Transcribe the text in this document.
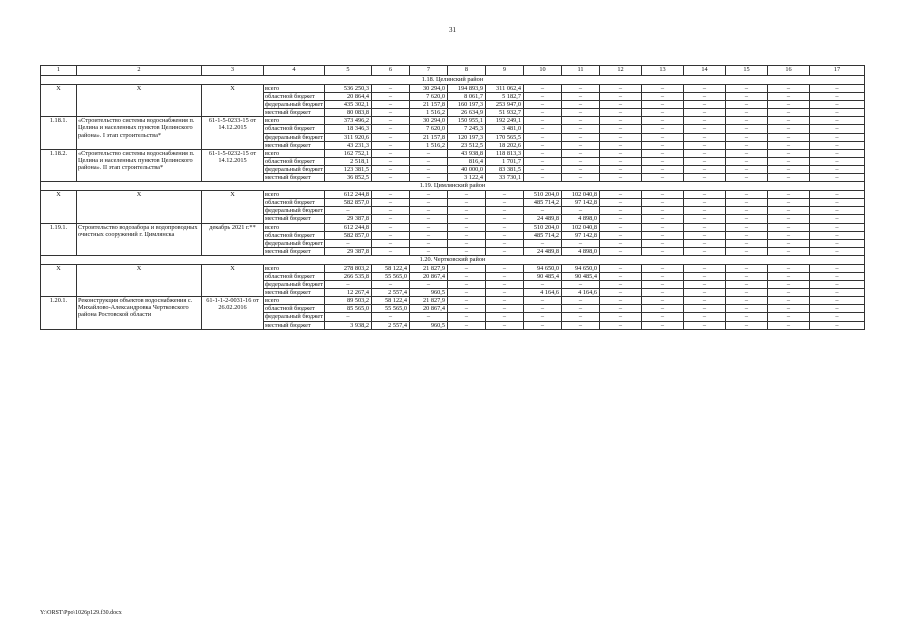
31
1	2	3	4	5	6	7	8	9	10	11	12	13	14	15	16	17
1.18. Целинский район																
X	X	X	всего	536 250,3	–	30 294,0	194 893,9	311 062,4	–	–	–	–	–	–	–	–
			областной бюджет	20 864,4	–	7 620,0	8 061,7	5 182,7	–	–	–	–	–	–	–	–
			федеральный бюджет	435 302,1	–	21 157,8	160 197,3	253 947,0	–	–	–	–	–	–	–	–
			местный бюджет	80 083,8	–	1 516,2	26 634,9	51 932,7	–	–	–	–	–	–	–	–
1.18.1.	«Строительство системы водоснабжения п. Целина и населенных пунктов Целинского района». I этап строительства*	61-1-5-0233-15 от 14.12.2015	всего	373 496,2	–	30 294,0	150 955,1	192 249,1	–	–	–	–	–	–	–	–
			областной бюджет	18 346,3	–	7 620,0	7 245,3	3 481,0	–	–	–	–	–	–	–	–
			федеральный бюджет	311 920,6	–	21 157,8	120 197,3	170 565,5	–	–	–	–	–	–	–	–
			местный бюджет	43 231,3	–	1 516,2	23 512,5	18 202,6	–	–	–	–	–	–	–	–
1.18.2.	«Строительство системы водоснабжения п. Целина и населенных пунктов Целинского района». II этап строительства*	61-1-5-0232-15 от 14.12.2015	всего	162 752,1	–	–	43 938,8	118 813,3	–	–	–	–	–	–	–	–
			областной бюджет	2 518,1	–	–	816,4	1 701,7	–	–	–	–	–	–	–	–
			федеральный бюджет	123 381,5	–	–	40 000,0	83 381,5	–	–	–	–	–	–	–	–
			местный бюджет	36 852,5	–	–	3 122,4	33 730,1	–	–	–	–	–	–	–	–
1.19. Цимлянский район																
X	X	X	всего	612 244,8	–	–	–	–	510 204,0	102 040,8	–	–	–	–	–	–
			областной бюджет	582 857,0	–	–	–	–	485 714,2	97 142,8	–	–	–	–	–	–
			федеральный бюджет	–	–	–	–	–	–	–	–	–	–	–	–	–
			местный бюджет	29 387,8	–	–	–	–	24 489,8	4 898,0	–	–	–	–	–	–
1.19.1.	Строительство водозабора и водопроводных очистных сооружений г. Цимлянска	декабрь 2021 г.**	всего	612 244,8	–	–	–	–	510 204,0	102 040,8	–	–	–	–	–	–
			областной бюджет	582 857,0	–	–	–	–	485 714,2	97 142,8	–	–	–	–	–	–
			федеральный бюджет	–	–	–	–	–	–	–	–	–	–	–	–	–
			местный бюджет	29 387,8	–	–	–	–	24 489,8	4 898,0	–	–	–	–	–	–
1.20. Чертковский район																
X	X	X	всего	278 803,2	58 122,4	21 827,9	–	–	94 650,0	94 650,0	–	–	–	–	–	–
			областной бюджет	266 535,8	55 565,0	20 867,4	–	–	90 485,4	90 485,4	–	–	–	–	–	–
			федеральный бюджет	–	–	–	–	–	–	–	–	–	–	–	–	–
			местный бюджет	12 267,4	2 557,4	960,5	–	–	4 164,6	4 164,6	–	–	–	–	–	–
1.20.1.	Реконструкция объектов водоснабжения с. Михайлово-Александровка Чертковского района Ростовской области	61-1-1-2-0031-16 от 26.02.2016	всего	89 503,2	58 122,4	21 827,9	–	–	–	–	–	–	–	–	–	–
			областной бюджет	85 565,0	55 565,0	20 867,4	–	–	–	–	–	–	–	–	–	–
			федеральный бюджет	–	–	–	–	–	–	–	–	–	–	–	–	–
			местный бюджет	3 938,2	2 557,4	960,5	–	–	–	–	–	–	–	–	–	–
Y:\ORST\Ppo\1026p129.f30.docx
